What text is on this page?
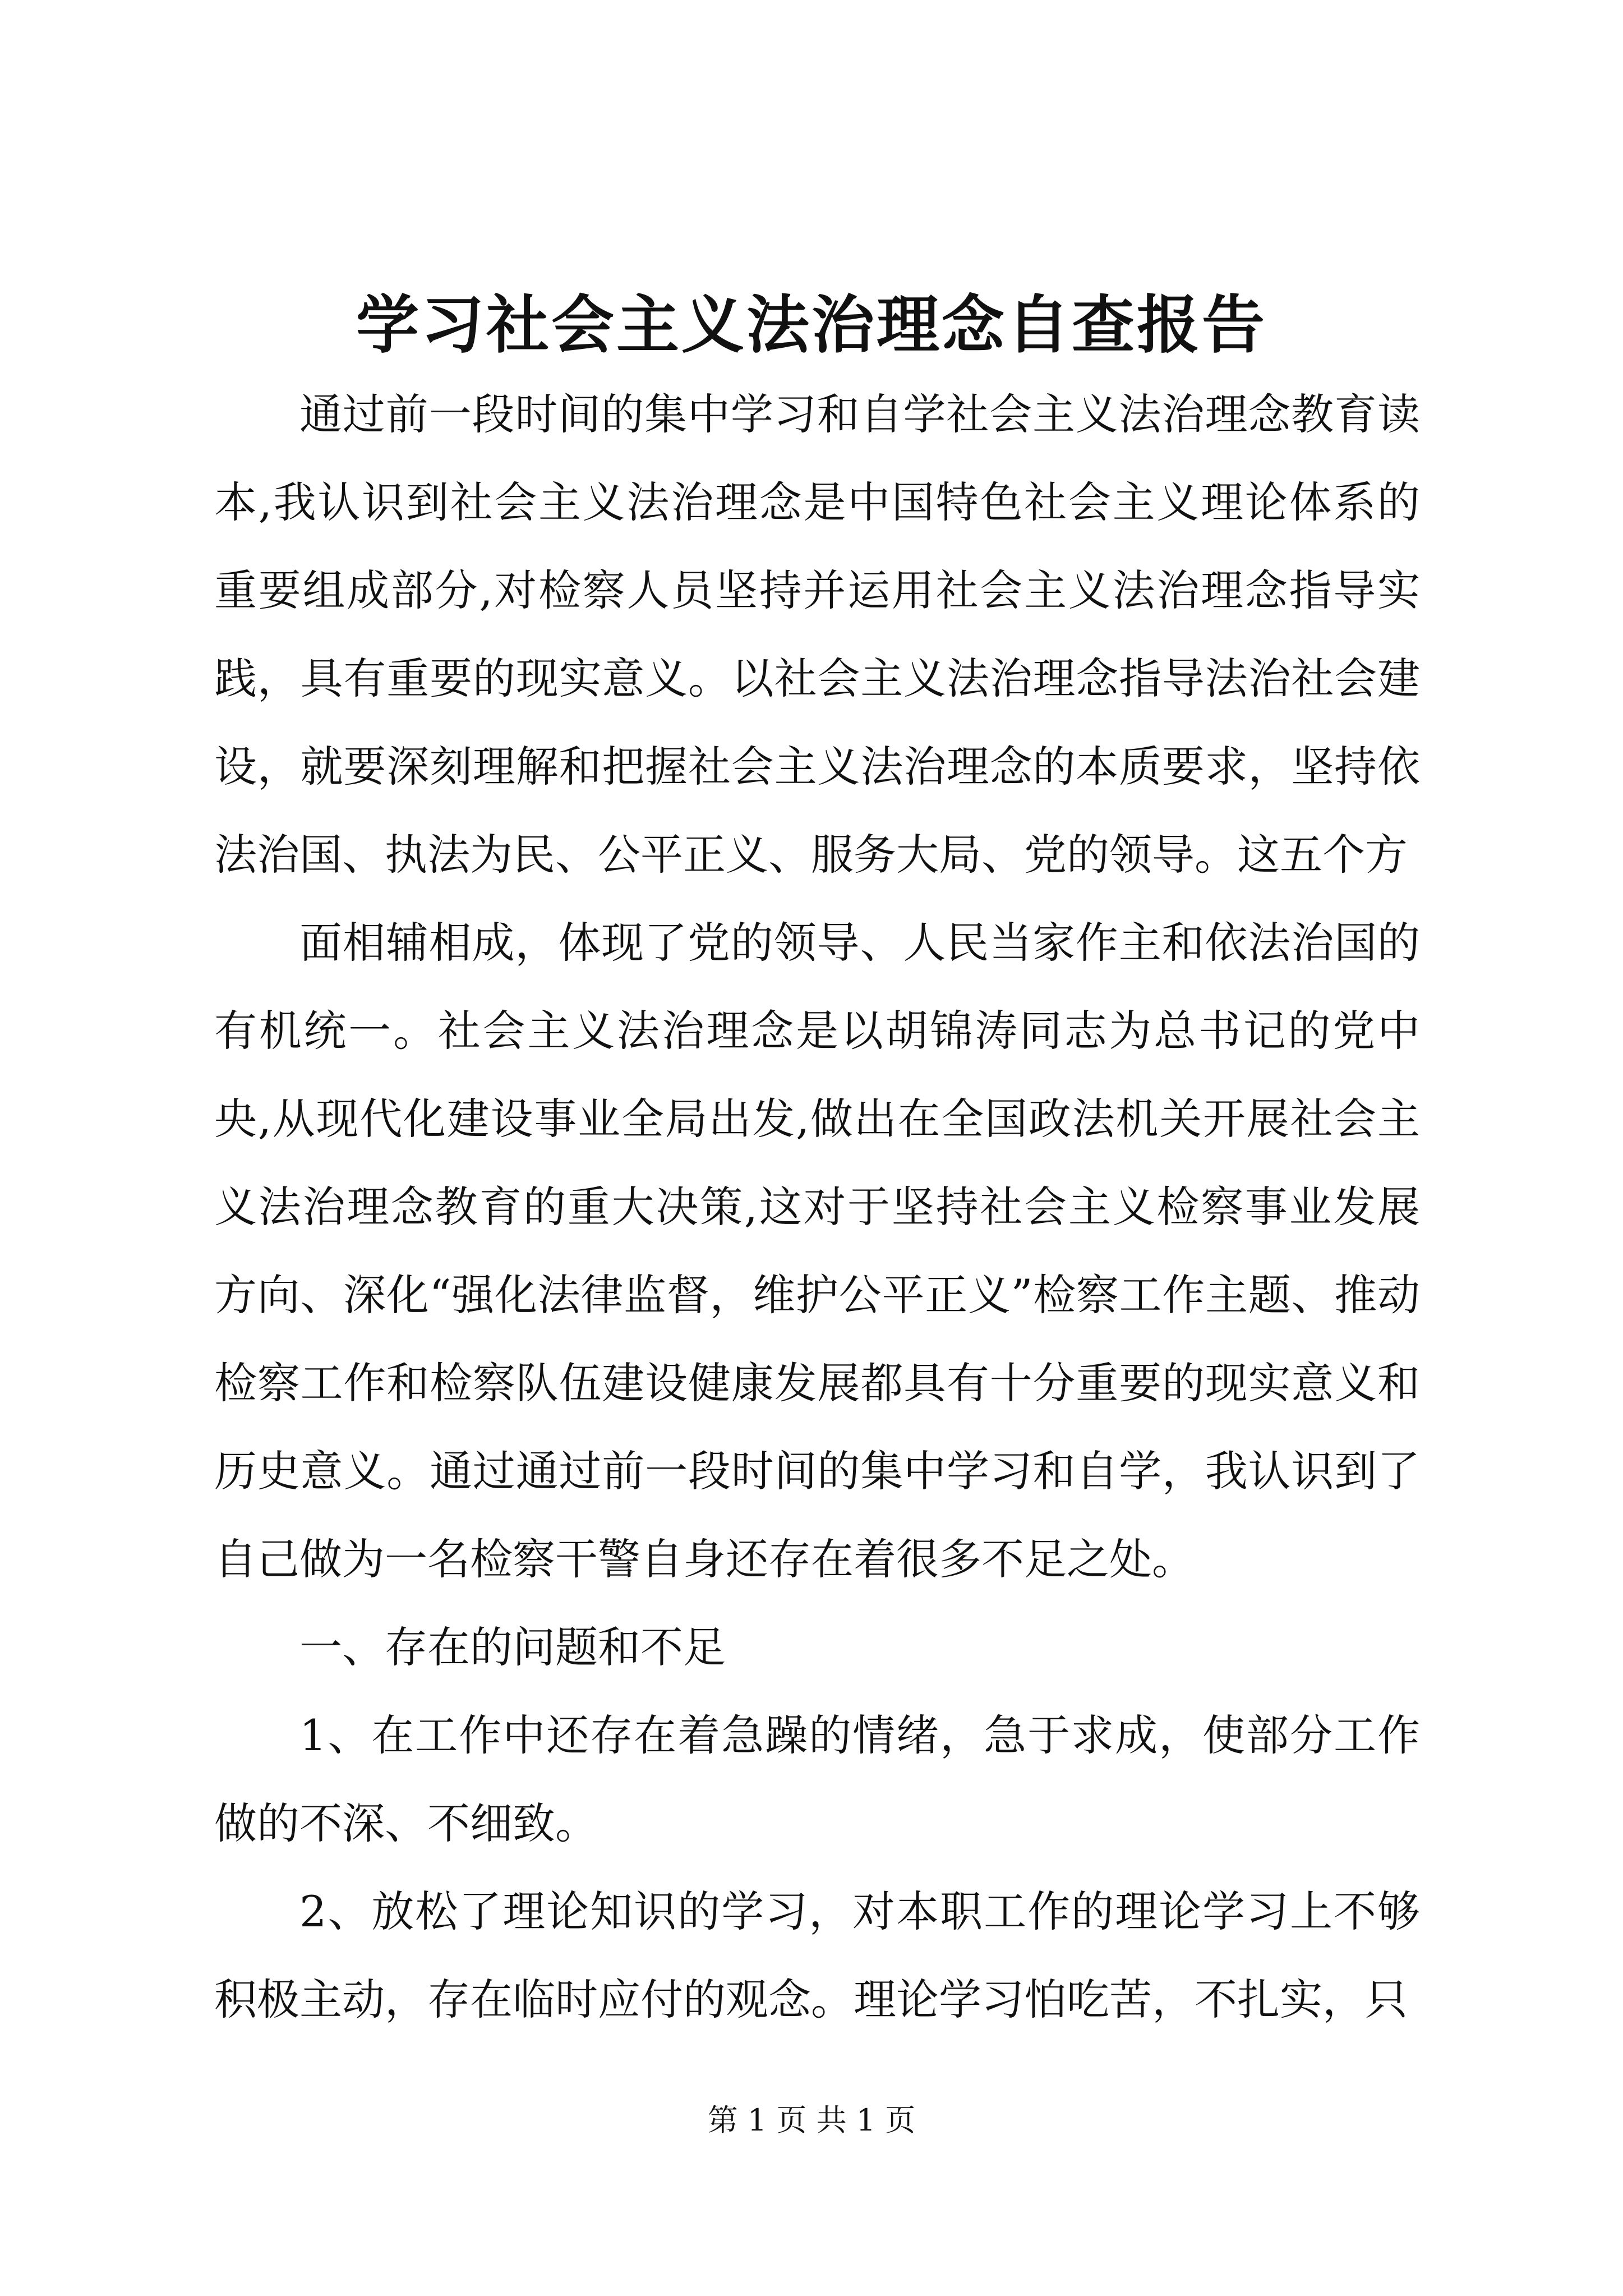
学习社会主义法治理念自查报告

通过前一段时间的集中学习和自学社会主义法治理念教育读本,我认识到社会主义法治理念是中国特色社会主义理论体系的重要组成部分,对检察人员坚持并运用社会主义法治理念指导实践，具有重要的现实意义。以社会主义法治理念指导法治社会建设，就要深刻理解和把握社会主义法治理念的本质要求，坚持依法治国、执法为民、公平正义、服务大局、党的领导。这五个方

面相辅相成，体现了党的领导、人民当家作主和依法治国的有机统一。社会主义法治理念是以胡锦涛同志为总书记的党中央,从现代化建设事业全局出发,做出在全国政法机关开展社会主义法治理念教育的重大决策,这对于坚持社会主义检察事业发展方向、深化“强化法律监督，维护公平正义”检察工作主题、推动检察工作和检察队伍建设健康发展都具有十分重要的现实意义和历史意义。通过通过前一段时间的集中学习和自学，我认识到了自己做为一名检察干警自身还存在着很多不足之处。

一、存在的问题和不足

1、在工作中还存在着急躁的情绪，急于求成，使部分工作做的不深、不细致。

2、放松了理论知识的学习，对本职工作的理论学习上不够积极主动，存在临时应付的观念。理论学习怕吃苦，不扎实，只

第 1 页 共 1 页
